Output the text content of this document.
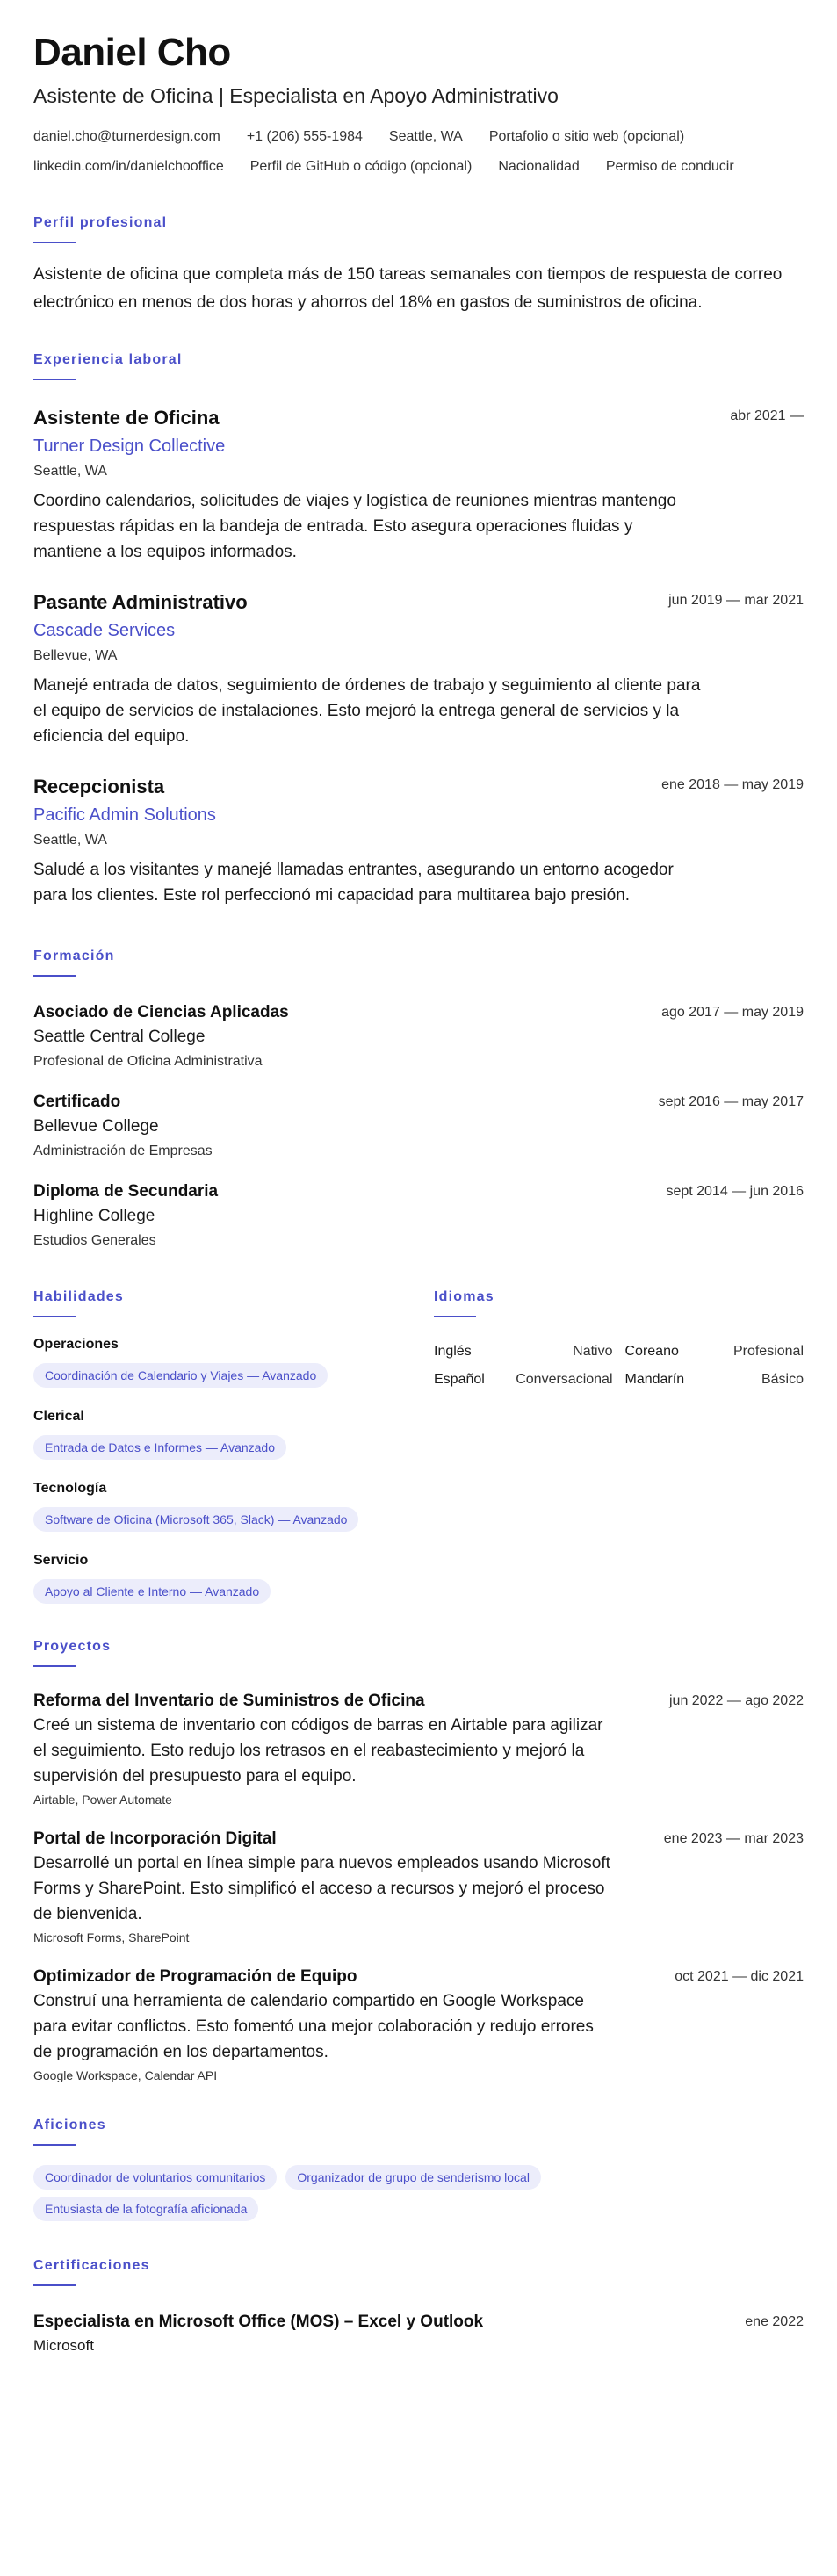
Daniel Cho
Asistente de Oficina | Especialista en Apoyo Administrativo
daniel.cho@turnerdesign.com +1 (206) 555-1984 Seattle, WA Portafolio o sitio web (opcional)
linkedin.com/in/danielchooffice Perfil de GitHub o código (opcional) Nacionalidad Permiso de conducir
Perfil profesional

Asistente de oficina que completa más de 150 tareas semanales con tiempos de respuesta de correo electrónico en menos de dos horas y ahorros del 18% en gastos de suministros de oficina.

Experiencia laboral
Asistente de Oficina	abr 2021 —
Turner Design Collective
Seattle, WA
Coordino calendarios, solicitudes de viajes y logística de reuniones mientras mantengo respuestas rápidas en la bandeja de entrada. Esto asegura operaciones fluidas y mantiene a los equipos informados.
Pasante Administrativo	jun 2019 — mar 2021
Cascade Services
Bellevue, WA
Manejé entrada de datos, seguimiento de órdenes de trabajo y seguimiento al cliente para el equipo de servicios de instalaciones. Esto mejoró la entrega general de servicios y la eficiencia del equipo.
Recepcionista	ene 2018 — may 2019
Pacific Admin Solutions
Seattle, WA
Saludé a los visitantes y manejé llamadas entrantes, asegurando un entorno acogedor para los clientes. Este rol perfeccionó mi capacidad para multitarea bajo presión.
Formación
Asociado de Ciencias Aplicadas	ago 2017 — may 2019
Seattle Central College
Profesional de Oficina Administrativa
Certificado	sept 2016 — may 2017
Bellevue College
Administración de Empresas
Diploma de Secundaria	sept 2014 — jun 2016
Highline College
Estudios Generales
Habilidades
Operaciones
Coordinación de Calendario y Viajes — Avanzado
Clerical
Entrada de Datos e Informes — Avanzado
Tecnología
Software de Oficina (Microsoft 365, Slack) — Avanzado
Servicio
Apoyo al Cliente e Interno — Avanzado
Idiomas
Inglés	Nativo Coreano	Profesional
Español Conversacional Mandarín	Básico
Proyectos
Reforma del Inventario de Suministros de Oficina	jun 2022 — ago 2022
Creé un sistema de inventario con códigos de barras en Airtable para agilizar el seguimiento. Esto redujo los retrasos en el reabastecimiento y mejoró la supervisión del presupuesto para el equipo.
Airtable, Power Automate
Portal de Incorporación Digital	ene 2023 — mar 2023
Desarrollé un portal en línea simple para nuevos empleados usando Microsoft Forms y SharePoint. Esto simplificó el acceso a recursos y mejoró el proceso de bienvenida.
Microsoft Forms, SharePoint
Optimizador de Programación de Equipo	oct 2021 — dic 2021
Construí una herramienta de calendario compartido en Google Workspace para evitar conflictos. Esto fomentó una mejor colaboración y redujo errores de programación en los departamentos.
Google Workspace, Calendar API
Aficiones
Coordinador de voluntarios comunitarios	Organizador de grupo de senderismo local
Entusiasta de la fotografía aficionada
Certificaciones
Especialista en Microsoft Office (MOS) – Excel y Outlook	ene 2022
Microsoft
